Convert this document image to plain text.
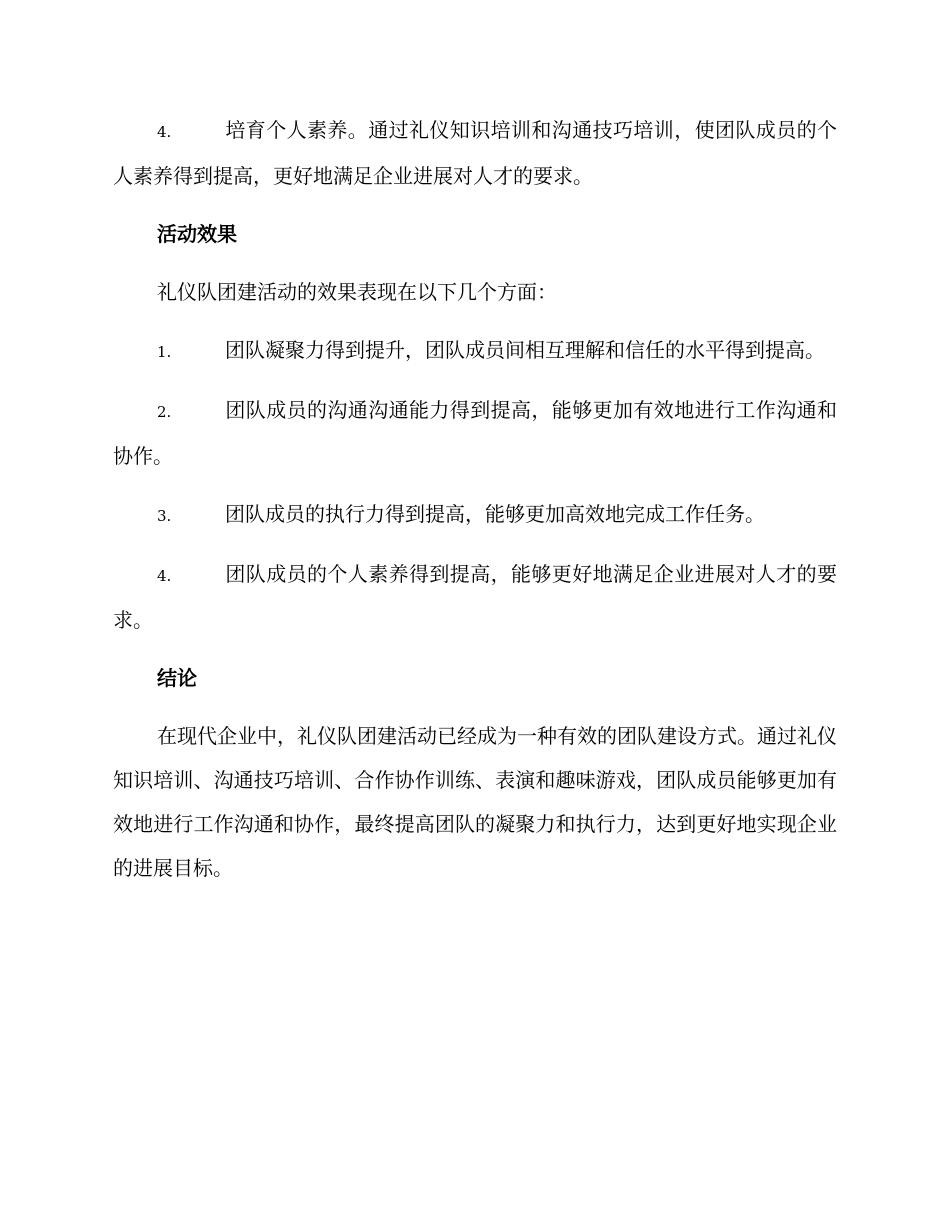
4.	培育个人素养。通过礼仪知识培训和沟通技巧培训，使团队成员的个人素养得到提高，更好地满足企业进展对人才的要求。

活动效果

礼仪队团建活动的效果表现在以下几个方面：

1.	团队凝聚力得到提升，团队成员间相互理解和信任的水平得到提高。

2.	团队成员的沟通沟通能力得到提高，能够更加有效地进行工作沟通和协作。

3.	团队成员的执行力得到提高，能够更加高效地完成工作任务。

4.	团队成员的个人素养得到提高，能够更好地满足企业进展对人才的要求。

结论

在现代企业中，礼仪队团建活动已经成为一种有效的团队建设方式。通过礼仪知识培训、沟通技巧培训、合作协作训练、表演和趣味游戏，团队成员能够更加有效地进行工作沟通和协作，最终提高团队的凝聚力和执行力，达到更好地实现企业的进展目标。
